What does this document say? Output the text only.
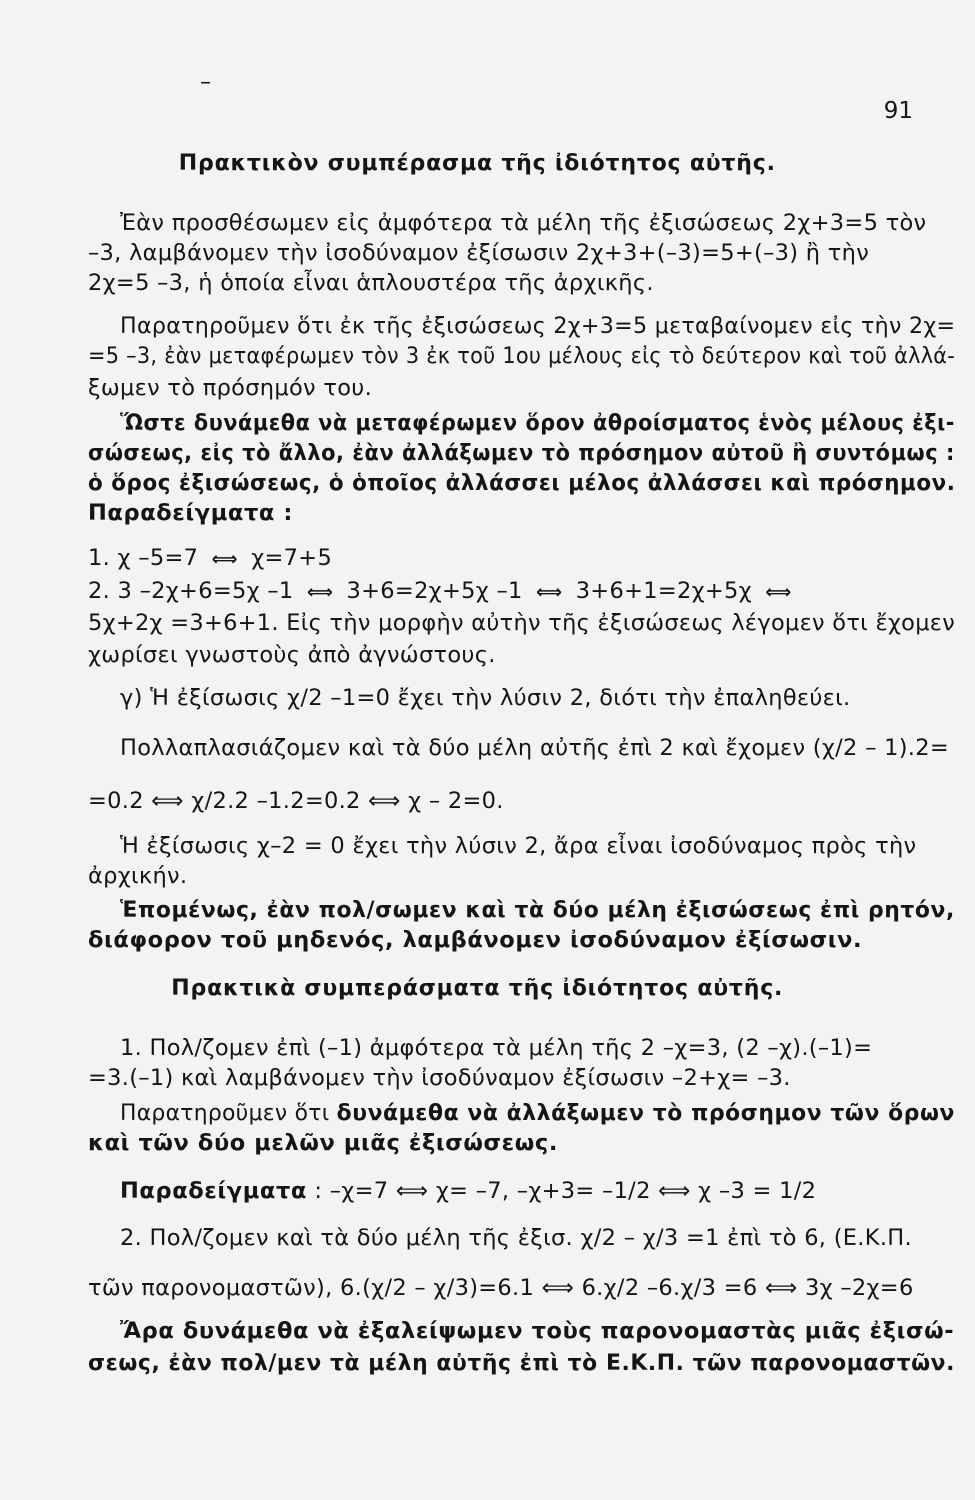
–
91
Πρακτικὸν συμπέρασμα τῆς ἰδιότητος αὐτῆς.
Ἐὰν προσθέσωμεν εἰς ἀμφότερα τὰ μέλη τῆς ἐξισώσεως 2χ+3=5 τὸν
–3, λαμβάνομεν τὴν ἰσοδύναμον ἐξίσωσιν 2χ+3+(–3)=5+(–3) ἢ τὴν
2χ=5 –3, ἡ ὁποία εἶναι ἁπλουστέρα τῆς ἀρχικῆς.
Παρατηροῦμεν ὅτι ἐκ τῆς ἐξισώσεως 2χ+3=5 μεταβαίνομεν εἰς τὴν 2χ=
=5 –3, ἐὰν μεταφέρωμεν τὸν 3 ἐκ τοῦ 1ου μέλους εἰς τὸ δεύτερον καὶ τοῦ ἀλλά-
ξωμεν τὸ πρόσημόν του.
Ὥστε δυνάμεθα νὰ μεταφέρωμεν ὅρον ἀθροίσματος ἑνὸς μέλους ἐξι-
σώσεως, εἰς τὸ ἄλλο, ἐὰν ἀλλάξωμεν τὸ πρόσημον αὐτοῦ ἢ συντόμως :
ὁ ὅρος ἐξισώσεως, ὁ ὁποῖος ἀλλάσσει μέλος ἀλλάσσει καὶ πρόσημον.
Παραδείγματα :
1. χ –5=7 ⟺ χ=7+5
2. 3 –2χ+6=5χ –1 ⟺ 3+6=2χ+5χ –1 ⟺ 3+6+1=2χ+5χ ⟺
5χ+2χ =3+6+1. Εἰς τὴν μορφὴν αὐτὴν τῆς ἐξισώσεως λέγομεν ὅτι ἔχομεν
χωρίσει γνωστοὺς ἀπὸ ἀγνώστους.
γ) Ἡ ἐξίσωσις χ/2 –1=0 ἔχει τὴν λύσιν 2, διότι τὴν ἐπαληθεύει.
Πολλαπλασιάζομεν καὶ τὰ δύο μέλη αὐτῆς ἐπὶ 2 καὶ ἔχομεν (χ/2 – 1).2=
=0.2 ⟺ χ/2.2 –1.2=0.2 ⟺ χ – 2=0.
Ἡ ἐξίσωσις χ–2 = 0 ἔχει τὴν λύσιν 2, ἄρα εἶναι ἰσοδύναμος πρὸς τὴν
ἀρχικήν.
Ἑπομένως, ἐὰν πολ/σωμεν καὶ τὰ δύο μέλη ἐξισώσεως ἐπὶ ρητόν,
διάφορον τοῦ μηδενός, λαμβάνομεν ἰσοδύναμον ἐξίσωσιν.
Πρακτικὰ συμπεράσματα τῆς ἰδιότητος αὐτῆς.
1. Πολ/ζομεν ἐπὶ (–1) ἀμφότερα τὰ μέλη τῆς 2 –χ=3, (2 –χ).(–1)=
=3.(–1) καὶ λαμβάνομεν τὴν ἰσοδύναμον ἐξίσωσιν –2+χ= –3.
Παρατηροῦμεν ὅτι δυνάμεθα νὰ ἀλλάξωμεν τὸ πρόσημον τῶν ὅρων
καὶ τῶν δύο μελῶν μιᾶς ἐξισώσεως.
Παραδείγματα : –χ=7 ⟺ χ= –7, –χ+3= –1/2 ⟺ χ –3 = 1/2
2. Πολ/ζομεν καὶ τὰ δύο μέλη τῆς ἐξισ. χ/2 – χ/3 =1 ἐπὶ τὸ 6, (Ε.Κ.Π.
τῶν παρονομαστῶν), 6.(χ/2 – χ/3)=6.1 ⟺ 6.χ/2 –6.χ/3 =6 ⟺ 3χ –2χ=6
Ἄρα δυνάμεθα νὰ ἐξαλείψωμεν τοὺς παρονομαστὰς μιᾶς ἐξισώ-
σεως, ἐὰν πολ/μεν τὰ μέλη αὐτῆς ἐπὶ τὸ Ε.Κ.Π. τῶν παρονομαστῶν.
